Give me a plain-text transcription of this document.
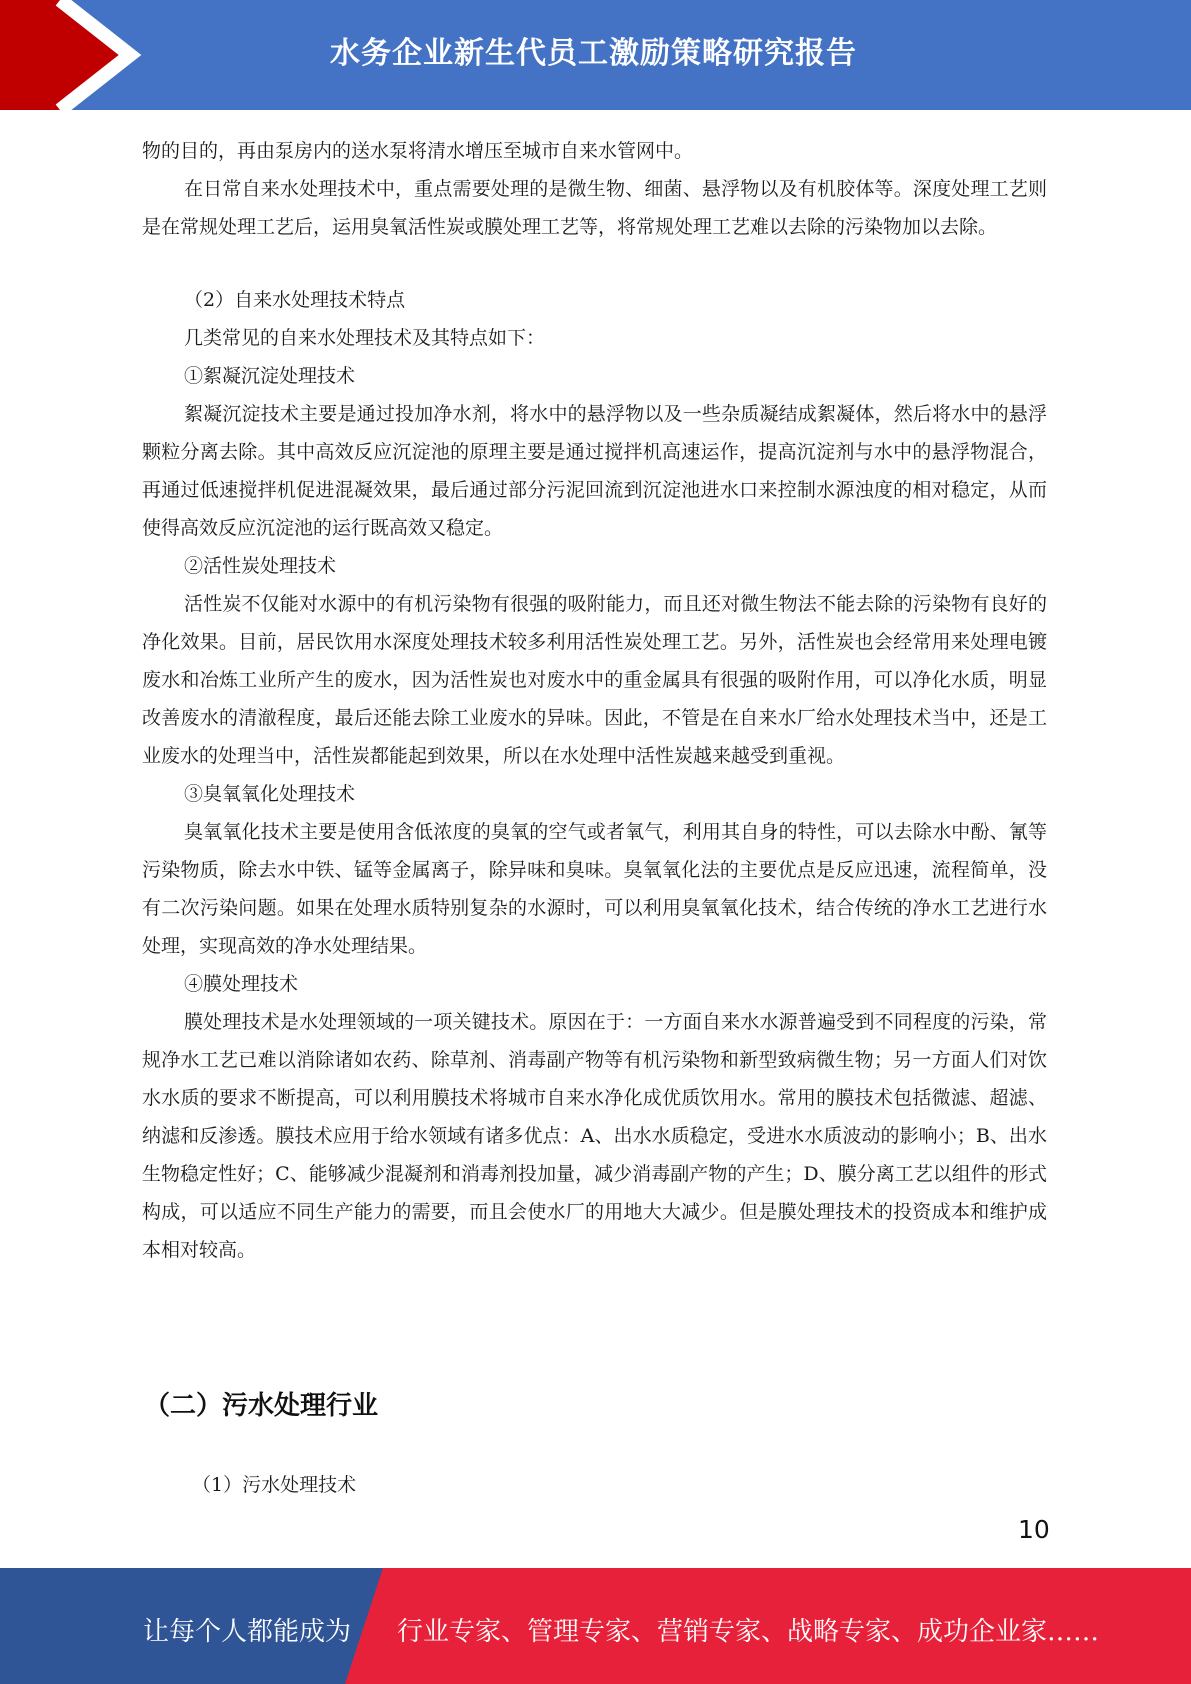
水务企业新生代员工激励策略研究报告

物的目的，再由泵房内的送水泵将清水增压至城市自来水管网中。

在日常自来水处理技术中，重点需要处理的是微生物、细菌、悬浮物以及有机胶体等。深度处理工艺则是在常规处理工艺后，运用臭氧活性炭或膜处理工艺等，将常规处理工艺难以去除的污染物加以去除。

（2）自来水处理技术特点

几类常见的自来水处理技术及其特点如下：

①絮凝沉淀处理技术

絮凝沉淀技术主要是通过投加净水剂，将水中的悬浮物以及一些杂质凝结成絮凝体，然后将水中的悬浮颗粒分离去除。其中高效反应沉淀池的原理主要是通过搅拌机高速运作，提高沉淀剂与水中的悬浮物混合，再通过低速搅拌机促进混凝效果，最后通过部分污泥回流到沉淀池进水口来控制水源浊度的相对稳定，从而使得高效反应沉淀池的运行既高效又稳定。

②活性炭处理技术

活性炭不仅能对水源中的有机污染物有很强的吸附能力，而且还对微生物法不能去除的污染物有良好的净化效果。目前，居民饮用水深度处理技术较多利用活性炭处理工艺。另外，活性炭也会经常用来处理电镀废水和冶炼工业所产生的废水，因为活性炭也对废水中的重金属具有很强的吸附作用，可以净化水质，明显改善废水的清澈程度，最后还能去除工业废水的异味。因此，不管是在自来水厂给水处理技术当中，还是工业废水的处理当中，活性炭都能起到效果，所以在水处理中活性炭越来越受到重视。

③臭氧氧化处理技术

臭氧氧化技术主要是使用含低浓度的臭氧的空气或者氧气，利用其自身的特性，可以去除水中酚、氰等污染物质，除去水中铁、锰等金属离子，除异味和臭味。臭氧氧化法的主要优点是反应迅速，流程简单，没有二次污染问题。如果在处理水质特别复杂的水源时，可以利用臭氧氧化技术，结合传统的净水工艺进行水处理，实现高效的净水处理结果。

④膜处理技术

膜处理技术是水处理领域的一项关键技术。原因在于：一方面自来水水源普遍受到不同程度的污染，常规净水工艺已难以消除诸如农药、除草剂、消毒副产物等有机污染物和新型致病微生物；另一方面人们对饮水水质的要求不断提高，可以利用膜技术将城市自来水净化成优质饮用水。常用的膜技术包括微滤、超滤、纳滤和反渗透。膜技术应用于给水领域有诸多优点：A、出水水质稳定，受进水水质波动的影响小；B、出水生物稳定性好；C、能够减少混凝剂和消毒剂投加量，减少消毒副产物的产生；D、膜分离工艺以组件的形式构成，可以适应不同生产能力的需要，而且会使水厂的用地大大减少。但是膜处理技术的投资成本和维护成本相对较高。

（二）污水处理行业

（1）污水处理技术

10
让每个人都能成为 行业专家、管理专家、营销专家、战略专家、成功企业家……
